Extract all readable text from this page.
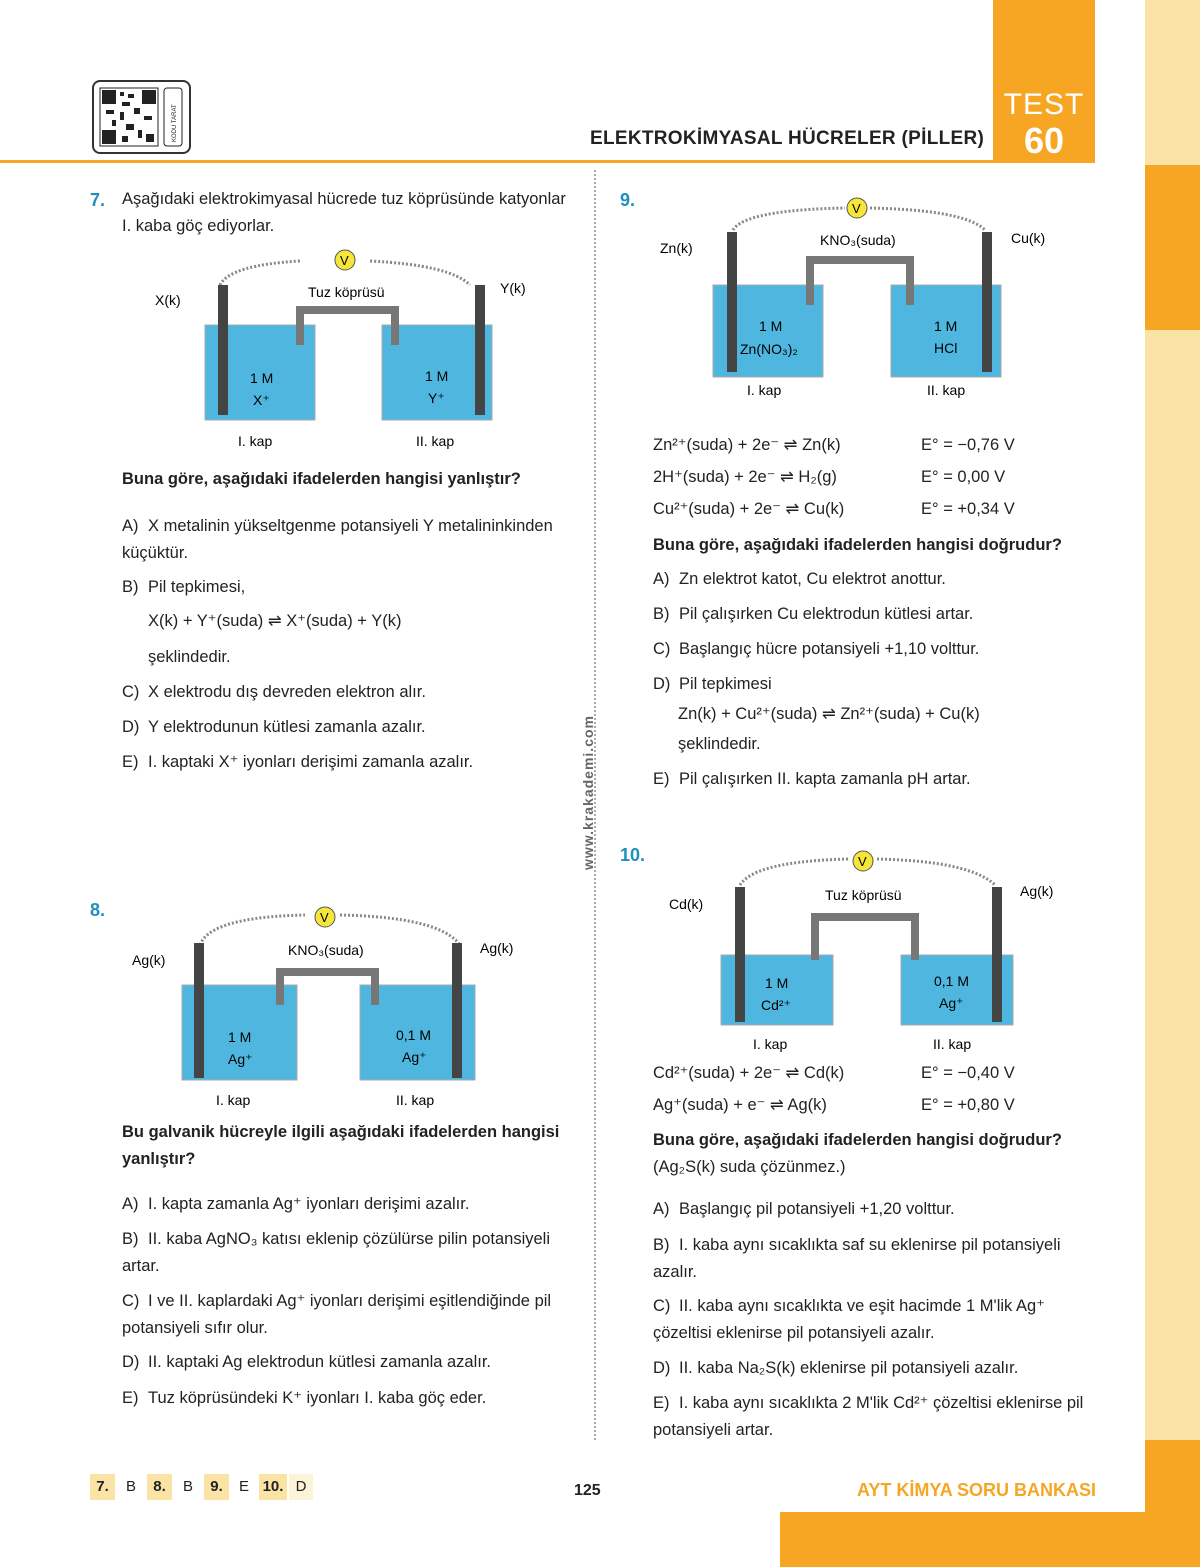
TEST
60
ELEKTROKİMYASAL HÜCRELER (PİLLER)
KODU TARAT
www.krakademi.com
7. Aşağıdaki elektrokimyasal hücrede tuz köprüsünde katyonlar I. kaba göç ediyorlar.
V
X(k)
Y(k)
Tuz köprüsü
1 M
X⁺
1 M
Y⁺
I. kap	II. kap
Buna göre, aşağıdaki ifadelerden hangisi yanlıştır?
A) X metalinin yükseltgenme potansiyeli Y metalininkinden küçüktür.
B) Pil tepkimesi,
X(k) + Y⁺(suda) ⇌ X⁺(suda) + Y(k)
şeklindedir.
C) X elektrodu dış devreden elektron alır.
D) Y elektrodunun kütlesi zamanla azalır.
E) I. kaptaki X⁺ iyonları derişimi zamanla azalır.
8.	V
Ag(k)
Ag(k)
KNO₃(suda)
1 M
Ag⁺
0,1 M
Ag⁺
I. kap	II. kap
Bu galvanik hücreyle ilgili aşağıdaki ifadelerden hangisi yanlıştır?
A) I. kapta zamanla Ag⁺ iyonları derişimi azalır.
B) II. kaba AgNO₃ katısı eklenip çözülürse pilin potansiyeli artar.
C) I ve II. kaplardaki Ag⁺ iyonları derişimi eşitlendiğinde pil potansiyeli sıfır olur.
D) II. kaptaki Ag elektrodun kütlesi zamanla azalır.
E) Tuz köprüsündeki K⁺ iyonları I. kaba göç eder.
9.	V
Zn(k)
Cu(k)
KNO₃(suda)
1 M
Zn(NO₃)₂
1 M
HCl
I. kap	II. kap
Zn²⁺(suda) + 2e⁻ ⇌ Zn(k)	E° = −0,76 V
2H⁺(suda) + 2e⁻ ⇌ H₂(g)	E° = 0,00 V
Cu²⁺(suda) + 2e⁻ ⇌ Cu(k)	E° = +0,34 V
Buna göre, aşağıdaki ifadelerden hangisi doğrudur?
A) Zn elektrot katot, Cu elektrot anottur.
B) Pil çalışırken Cu elektrodun kütlesi artar.
C) Başlangıç hücre potansiyeli +1,10 volttur.
D) Pil tepkimesi
Zn(k) + Cu²⁺(suda) ⇌ Zn²⁺(suda) + Cu(k)
şeklindedir.
E) Pil çalışırken II. kapta zamanla pH artar.
10.	V
Cd(k)
Ag(k)
Tuz köprüsü
1 M
Cd²⁺
0,1 M
Ag⁺
I. kap	II. kap
Cd²⁺(suda) + 2e⁻ ⇌ Cd(k)	E° = −0,40 V
Ag⁺(suda) + e⁻ ⇌ Ag(k)	E° = +0,80 V
Buna göre, aşağıdaki ifadelerden hangisi doğrudur?
(Ag₂S(k) suda çözünmez.)
A) Başlangıç pil potansiyeli +1,20 volttur.
B) I. kaba aynı sıcaklıkta saf su eklenirse pil potansiyeli azalır.
C) II. kaba aynı sıcaklıkta ve eşit hacimde 1 M'lik Ag⁺ çözeltisi eklenirse pil potansiyeli azalır.
D) II. kaba Na₂S(k) eklenirse pil potansiyeli azalır.
E) I. kaba aynı sıcaklıkta 2 M'lik Cd²⁺ çözeltisi eklenirse pil potansiyeli artar.
7.	B	8.	B	9.	E 10. D	125	AYT KİMYA SORU BANKASI
